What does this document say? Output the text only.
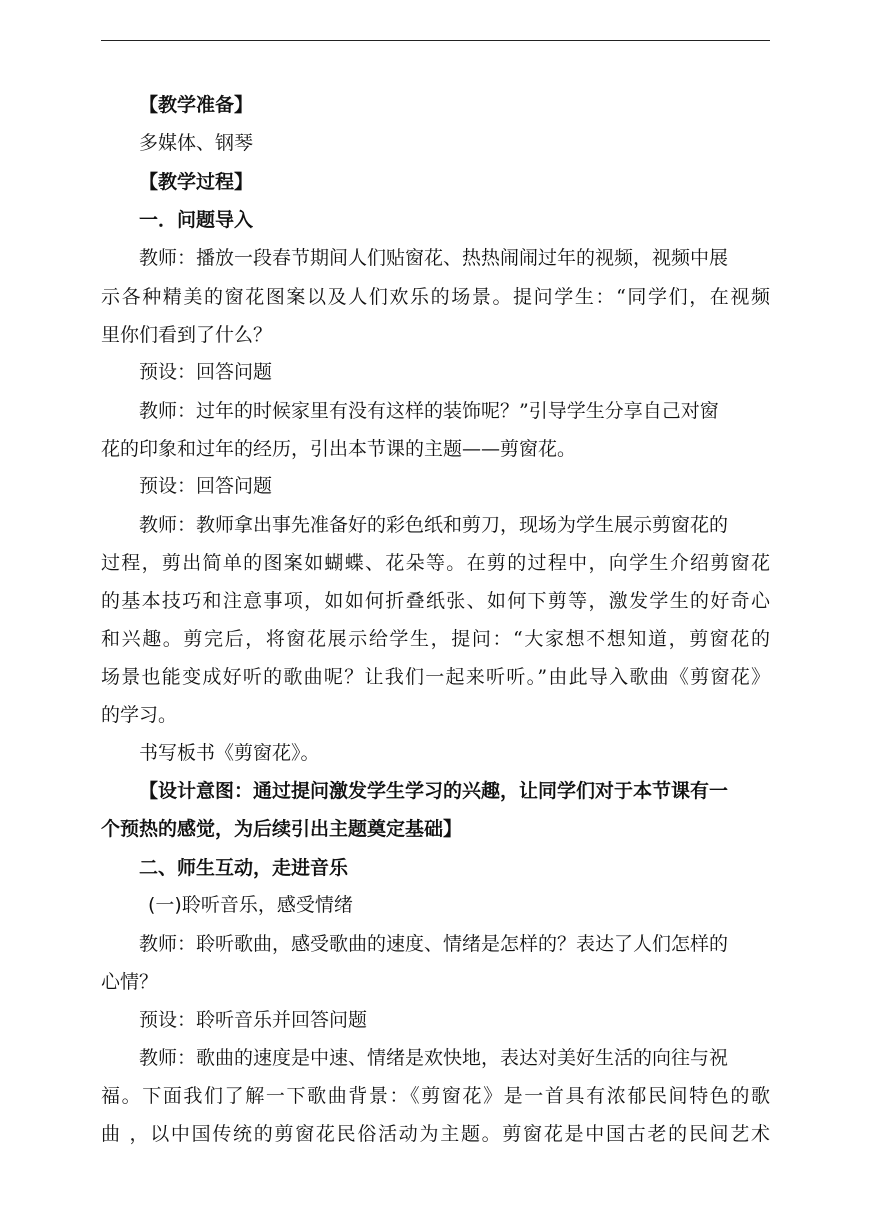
【教学准备】
多媒体、钢琴
【教学过程】
一．问题导入
教师：播放一段春节期间人们贴窗花、热热闹闹过年的视频，视频中展
示各种精美的窗花图案以及人们欢乐的场景。提问学生：“同学们，在视频
里你们看到了什么？
预设：回答问题
教师：过年的时候家里有没有这样的装饰呢？”引导学生分享自己对窗
花的印象和过年的经历，引出本节课的主题——剪窗花。
预设：回答问题
教师：教师拿出事先准备好的彩色纸和剪刀，现场为学生展示剪窗花的
过程，剪出简单的图案如蝴蝶、花朵等。在剪的过程中，向学生介绍剪窗花
的基本技巧和注意事项，如如何折叠纸张、如何下剪等，激发学生的好奇心
和兴趣。剪完后，将窗花展示给学生，提问：“大家想不想知道，剪窗花的
场景也能变成好听的歌曲呢？让我们一起来听听。”由此导入歌曲《剪窗花》
的学习。
书写板书《剪窗花》。
【设计意图：通过提问激发学生学习的兴趣，让同学们对于本节课有一
个预热的感觉，为后续引出主题奠定基础】
二、师生互动，走进音乐
(一)聆听音乐，感受情绪
教师：聆听歌曲，感受歌曲的速度、情绪是怎样的？表达了人们怎样的
心情？
预设：聆听音乐并回答问题
教师：歌曲的速度是中速、情绪是欢快地，表达对美好生活的向往与祝
福。下面我们了解一下歌曲背景：《剪窗花》是一首具有浓郁民间特色的歌
曲 ，以中国传统的剪窗花民俗活动为主题。剪窗花是中国古老的民间艺术
